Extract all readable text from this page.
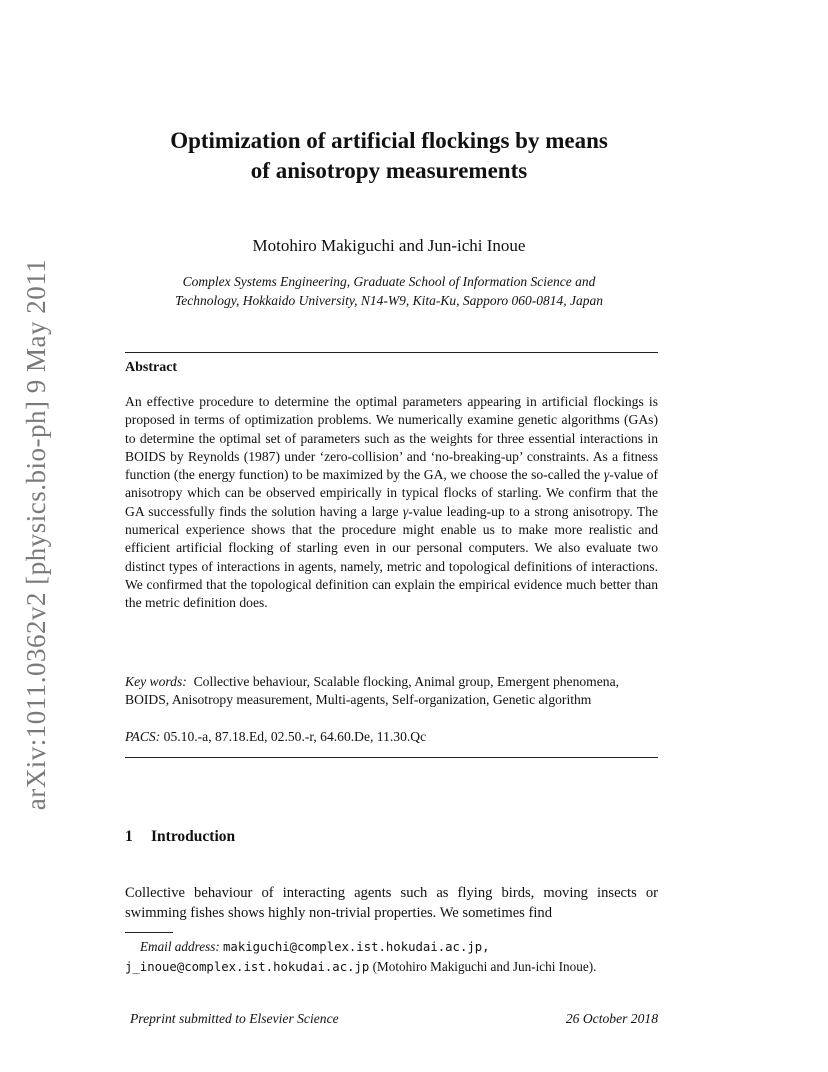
arXiv:1011.0362v2 [physics.bio-ph] 9 May 2011
Optimization of artificial flockings by means
of anisotropy measurements

Motohiro Makiguchi and Jun-ichi Inoue

Complex Systems Engineering, Graduate School of Information Science and
Technology, Hokkaido University, N14-W9, Kita-Ku, Sapporo 060-0814, Japan

Abstract

An effective procedure to determine the optimal parameters appearing in artificial flockings is proposed in terms of optimization problems. We numerically examine genetic algorithms (GAs) to determine the optimal set of parameters such as the weights for three essential interactions in BOIDS by Reynolds (1987) under ‘zero-collision’ and ‘no-breaking-up’ constraints. As a fitness function (the energy function) to be maximized by the GA, we choose the so-called the γ-value of anisotropy which can be observed empirically in typical flocks of starling. We confirm that the GA successfully finds the solution having a large γ-value leading-up to a strong anisotropy. The numerical experience shows that the procedure might enable us to make more realistic and efficient artificial flocking of starling even in our personal computers. We also evaluate two distinct types of interactions in agents, namely, metric and topological definitions of interactions. We confirmed that the topological definition can explain the empirical evidence much better than the metric definition does.

Key words: Collective behaviour, Scalable flocking, Animal group, Emergent phenomena, BOIDS, Anisotropy measurement, Multi-agents, Self-organization, Genetic algorithm

PACS: 05.10.-a, 87.18.Ed, 02.50.-r, 64.60.De, 11.30.Qc

1 Introduction

Collective behaviour of interacting agents such as flying birds, moving insects or swimming fishes shows highly non-trivial properties. We sometimes find

Email address: makiguchi@complex.ist.hokudai.ac.jp,
j_inoue@complex.ist.hokudai.ac.jp (Motohiro Makiguchi and Jun-ichi Inoue).

Preprint submitted to Elsevier Science	26 October 2018
